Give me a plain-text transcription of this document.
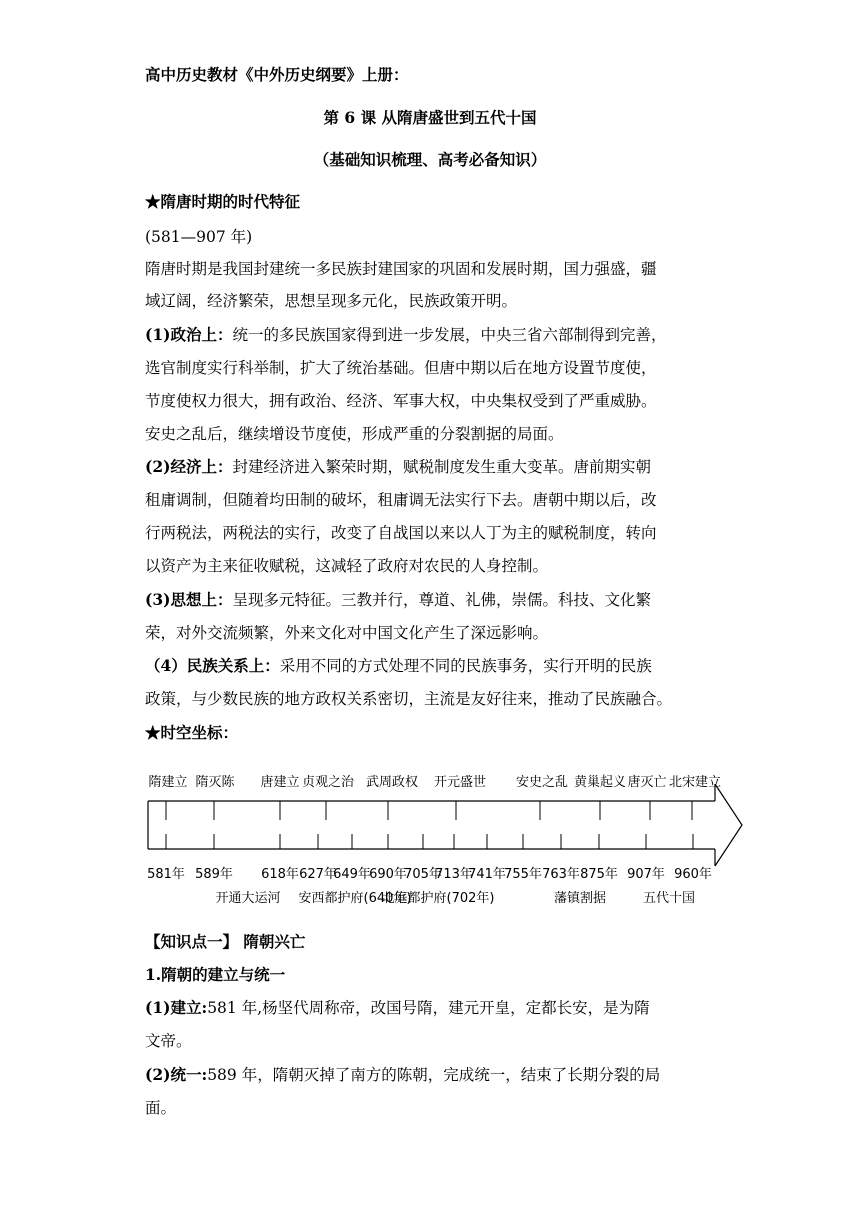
高中历史教材《中外历史纲要》上册：
第 6 课 从隋唐盛世到五代十国
（基础知识梳理、高考必备知识）
★隋唐时期的时代特征
(581—907 年)
隋唐时期是我国封建统一多民族封建国家的巩固和发展时期，国力强盛，疆
域辽阔，经济繁荣，思想呈现多元化，民族政策开明。
(1)政治上：统一的多民族国家得到进一步发展，中央三省六部制得到完善，
选官制度实行科举制，扩大了统治基础。但唐中期以后在地方设置节度使，
节度使权力很大，拥有政治、经济、军事大权，中央集权受到了严重威胁。
安史之乱后，继续增设节度使，形成严重的分裂割据的局面。
(2)经济上：封建经济进入繁荣时期，赋税制度发生重大变革。唐前期实朝
租庸调制，但随着均田制的破坏，租庸调无法实行下去。唐朝中期以后，改
行两税法，两税法的实行，改变了自战国以来以人丁为主的赋税制度，转向
以资产为主来征收赋税，这减轻了政府对农民的人身控制。
(3)思想上：呈现多元特征。三教并行，尊道、礼佛，崇儒。科技、文化繁
荣，对外交流频繁，外来文化对中国文化产生了深远影响。
（4）民族关系上：采用不同的方式处理不同的民族事务，实行开明的民族
政策，与少数民族的地方政权关系密切，主流是友好往来，推动了民族融合。
★时空坐标：
隋建立 隋灭陈 唐建立 贞观之治 武周政权 开元盛世 安史之乱 黄巢起义 唐灭亡 北宋建立
581年 589年 618年 627年
649年
690年
705年
713年
741年
755年 763年 875年 907年 960年
开通大运河 安西都护府(640年)
北庭都护府(702年)	藩镇割据	五代十国
【知识点一】 隋朝兴亡
1.隋朝的建立与统一
(1)建立:581 年,杨坚代周称帝，改国号隋，建元开皇，定都长安，是为隋
文帝。
(2)统一:589 年，隋朝灭掉了南方的陈朝，完成统一，结束了长期分裂的局
面。
